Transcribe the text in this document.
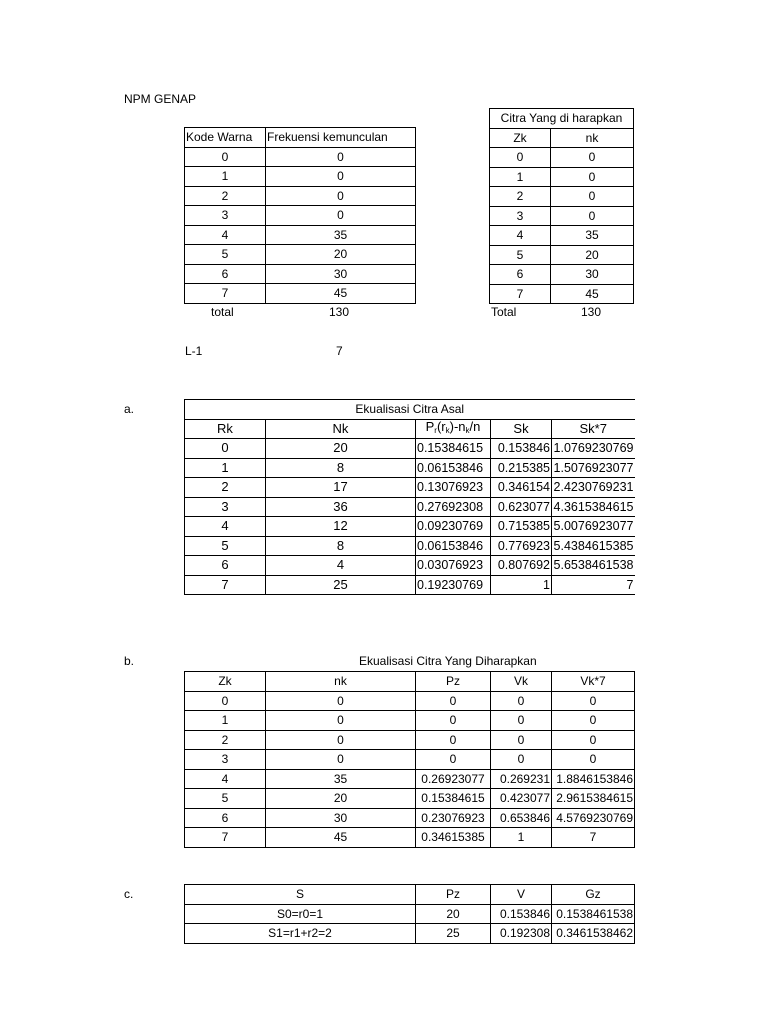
NPM GENAP
Kode Warna	Frekuensi kemunculan
0	0
1	0
2	0
3	0
4	35
5	20
6	30
7	45
total	130
Citra Yang di harapkan	
Zk	nk
0	0
1	0
2	0
3	0
4	35
5	20
6	30
7	45
Total	130
L-1	7
a.	Ekualisasi Citra Asal				
Rk	Nk	$P_r(r_k)-n_k/n$	Sk	Sk*7
0	20	0.15384615	0.153846	1.0769230769
1	8	0.06153846	0.215385	1.5076923077
2	17	0.13076923	0.346154	2.4230769231
3	36	0.27692308	0.623077	4.3615384615
4	12	0.09230769	0.715385	5.0076923077
5	8	0.06153846	0.776923	5.4384615385
6	4	0.03076923	0.807692	5.6538461538
7	25	0.19230769	1	7
b.	Ekualisasi Citra Yang Diharapkan
Zk	nk	Pz	Vk	Vk*7
0	0	0	0	0
1	0	0	0	0
2	0	0	0	0
3	0	0	0	0
4	35	0.26923077	0.269231	1.8846153846
5	20	0.15384615	0.423077	2.9615384615
6	30	0.23076923	0.653846	4.5769230769
7	45	0.34615385	1	7
c.	S	Pz	V	Gz
S0=r0=1	20	0.153846	0.1538461538
S1=r1+r2=2	25	0.192308	0.3461538462
